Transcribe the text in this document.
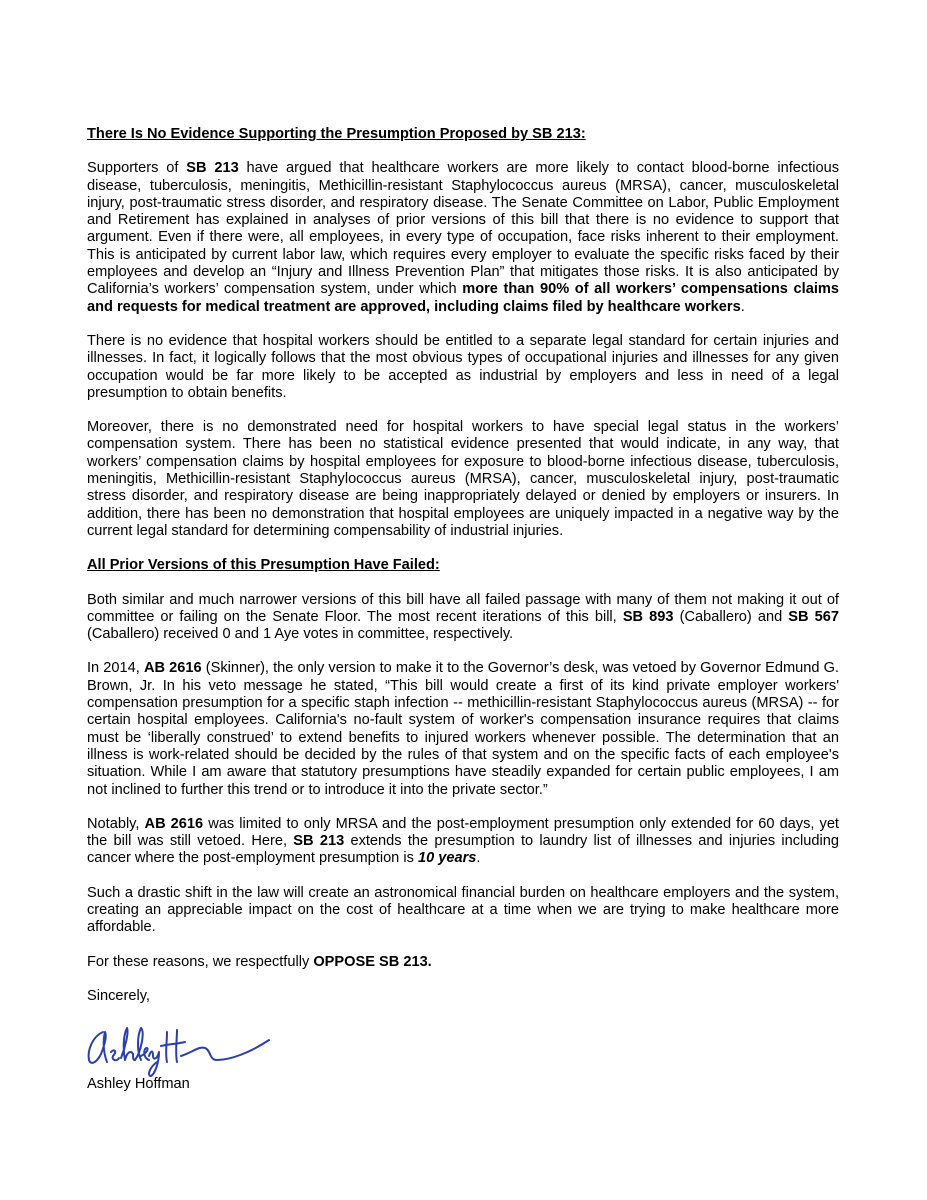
There Is No Evidence Supporting the Presumption Proposed by SB 213:

Supporters of SB 213 have argued that healthcare workers are more likely to contact blood-borne infectious disease, tuberculosis, meningitis, Methicillin-resistant Staphylococcus aureus (MRSA), cancer, musculoskeletal injury, post-traumatic stress disorder, and respiratory disease. The Senate Committee on Labor, Public Employment and Retirement has explained in analyses of prior versions of this bill that there is no evidence to support that argument. Even if there were, all employees, in every type of occupation, face risks inherent to their employment. This is anticipated by current labor law, which requires every employer to evaluate the specific risks faced by their employees and develop an “Injury and Illness Prevention Plan” that mitigates those risks. It is also anticipated by California’s workers’ compensation system, under which more than 90% of all workers’ compensations claims and requests for medical treatment are approved, including claims filed by healthcare workers.

There is no evidence that hospital workers should be entitled to a separate legal standard for certain injuries and illnesses. In fact, it logically follows that the most obvious types of occupational injuries and illnesses for any given occupation would be far more likely to be accepted as industrial by employers and less in need of a legal presumption to obtain benefits.

Moreover, there is no demonstrated need for hospital workers to have special legal status in the workers’ compensation system. There has been no statistical evidence presented that would indicate, in any way, that workers’ compensation claims by hospital employees for exposure to blood-borne infectious disease, tuberculosis, meningitis, Methicillin-resistant Staphylococcus aureus (MRSA), cancer, musculoskeletal injury, post-traumatic stress disorder, and respiratory disease are being inappropriately delayed or denied by employers or insurers. In addition, there has been no demonstration that hospital employees are uniquely impacted in a negative way by the current legal standard for determining compensability of industrial injuries.

All Prior Versions of this Presumption Have Failed:

Both similar and much narrower versions of this bill have all failed passage with many of them not making it out of committee or failing on the Senate Floor. The most recent iterations of this bill, SB 893 (Caballero) and SB 567 (Caballero) received 0 and 1 Aye votes in committee, respectively.

In 2014, AB 2616 (Skinner), the only version to make it to the Governor’s desk, was vetoed by Governor Edmund G. Brown, Jr. In his veto message he stated, “This bill would create a first of its kind private employer workers' compensation presumption for a specific staph infection -- methicillin-resistant Staphylococcus aureus (MRSA) -- for certain hospital employees. California's no-fault system of worker's compensation insurance requires that claims must be ‘liberally construed’ to extend benefits to injured workers whenever possible. The determination that an illness is work-related should be decided by the rules of that system and on the specific facts of each employee's situation. While I am aware that statutory presumptions have steadily expanded for certain public employees, I am not inclined to further this trend or to introduce it into the private sector.”

Notably, AB 2616 was limited to only MRSA and the post-employment presumption only extended for 60 days, yet the bill was still vetoed. Here, SB 213 extends the presumption to laundry list of illnesses and injuries including cancer where the post-employment presumption is 10 years.

Such a drastic shift in the law will create an astronomical financial burden on healthcare employers and the system, creating an appreciable impact on the cost of healthcare at a time when we are trying to make healthcare more affordable.

For these reasons, we respectfully OPPOSE SB 213.

Sincerely,

Ashley Hoffman
